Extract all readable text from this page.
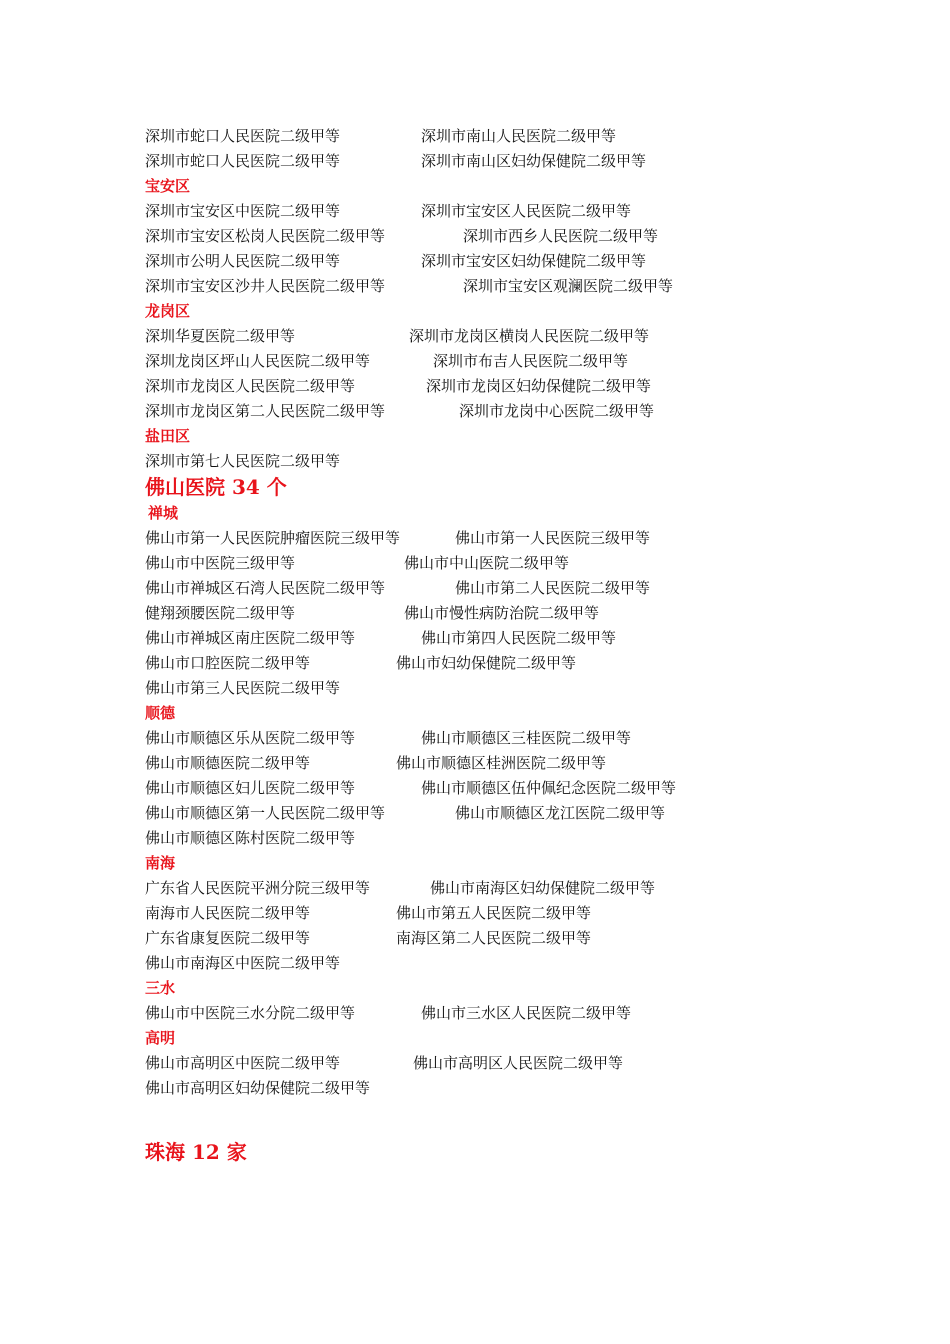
深圳市蛇口人民医院二级甲等	深圳市南山人民医院二级甲等
深圳市蛇口人民医院二级甲等	深圳市南山区妇幼保健院二级甲等
宝安区
深圳市宝安区中医院二级甲等	深圳市宝安区人民医院二级甲等
深圳市宝安区松岗人民医院二级甲等	深圳市西乡人民医院二级甲等
深圳市公明人民医院二级甲等	深圳市宝安区妇幼保健院二级甲等
深圳市宝安区沙井人民医院二级甲等	深圳市宝安区观澜医院二级甲等
龙岗区
深圳华夏医院二级甲等	深圳市龙岗区横岗人民医院二级甲等
深圳龙岗区坪山人民医院二级甲等	深圳市布吉人民医院二级甲等
深圳市龙岗区人民医院二级甲等	深圳市龙岗区妇幼保健院二级甲等
深圳市龙岗区第二人民医院二级甲等	深圳市龙岗中心医院二级甲等
盐田区
深圳市第七人民医院二级甲等
佛山医院 34 个
禅城
佛山市第一人民医院肿瘤医院三级甲等	佛山市第一人民医院三级甲等
佛山市中医院三级甲等	佛山市中山医院二级甲等
佛山市禅城区石湾人民医院二级甲等	佛山市第二人民医院二级甲等
健翔颈腰医院二级甲等	佛山市慢性病防治院二级甲等
佛山市禅城区南庄医院二级甲等	佛山市第四人民医院二级甲等
佛山市口腔医院二级甲等	佛山市妇幼保健院二级甲等
佛山市第三人民医院二级甲等
顺德
佛山市顺德区乐从医院二级甲等	佛山市顺德区三桂医院二级甲等
佛山市顺德医院二级甲等	佛山市顺德区桂洲医院二级甲等
佛山市顺德区妇儿医院二级甲等	佛山市顺德区伍仲佩纪念医院二级甲等
佛山市顺德区第一人民医院二级甲等	佛山市顺德区龙江医院二级甲等
佛山市顺德区陈村医院二级甲等
南海
广东省人民医院平洲分院三级甲等	佛山市南海区妇幼保健院二级甲等
南海市人民医院二级甲等	佛山市第五人民医院二级甲等
广东省康复医院二级甲等	南海区第二人民医院二级甲等
佛山市南海区中医院二级甲等
三水
佛山市中医院三水分院二级甲等	佛山市三水区人民医院二级甲等
高明
佛山市高明区中医院二级甲等	佛山市高明区人民医院二级甲等
佛山市高明区妇幼保健院二级甲等
珠海 12 家
